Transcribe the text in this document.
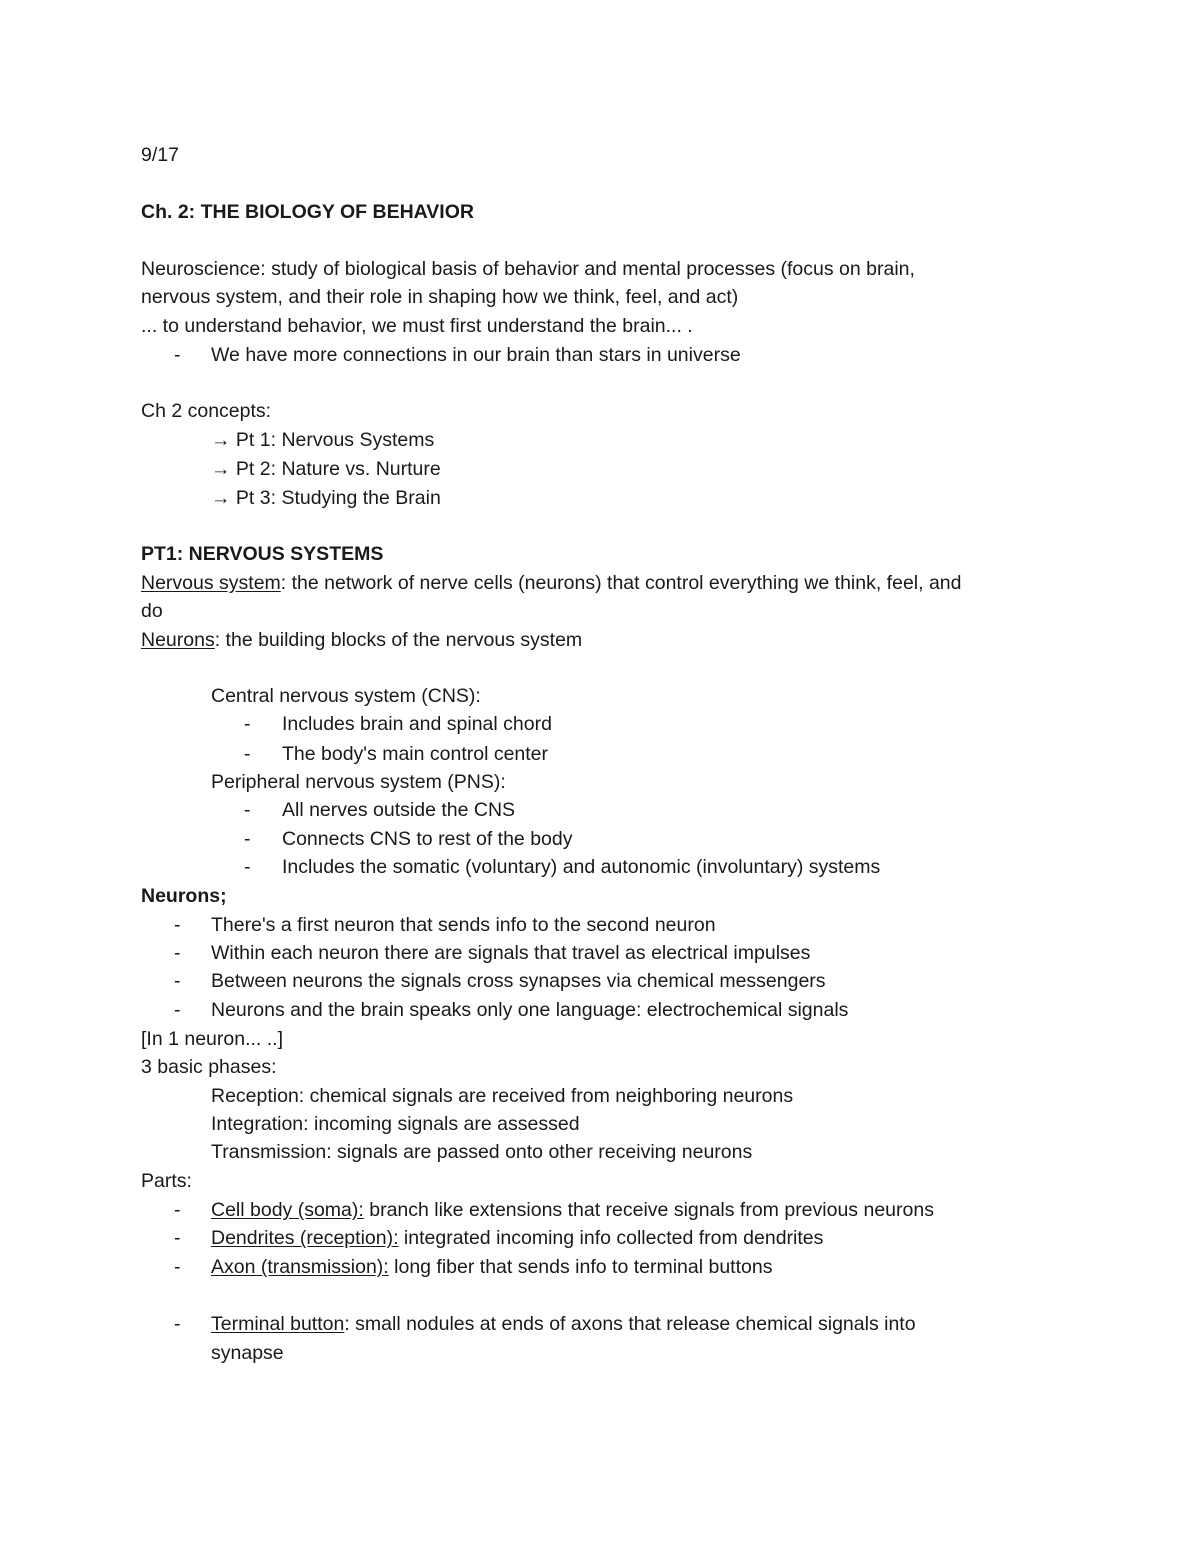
9/17

Ch. 2: THE BIOLOGY OF BEHAVIOR

Neuroscience: study of biological basis of behavior and mental processes (focus on brain,

nervous system, and their role in shaping how we think, feel, and act)

... to understand behavior, we must first understand the brain... .

- We have more connections in our brain than stars in universe

Ch 2 concepts:

→ Pt 1: Nervous Systems

→ Pt 2: Nature vs. Nurture

→ Pt 3: Studying the Brain

PT1: NERVOUS SYSTEMS

Nervous system: the network of nerve cells (neurons) that control everything we think, feel, and

do

Neurons: the building blocks of the nervous system

Central nervous system (CNS):

- Includes brain and spinal chord

- The body's main control center

Peripheral nervous system (PNS):

- All nerves outside the CNS

- Connects CNS to rest of the body

- Includes the somatic (voluntary) and autonomic (involuntary) systems

Neurons;

- There's a first neuron that sends info to the second neuron

- Within each neuron there are signals that travel as electrical impulses

- Between neurons the signals cross synapses via chemical messengers

- Neurons and the brain speaks only one language: electrochemical signals

[In 1 neuron... ..]

3 basic phases:

Reception: chemical signals are received from neighboring neurons

Integration: incoming signals are assessed

Transmission: signals are passed onto other receiving neurons

Parts:

- Cell body (soma): branch like extensions that receive signals from previous neurons

- Dendrites (reception): integrated incoming info collected from dendrites

- Axon (transmission): long fiber that sends info to terminal buttons

- Terminal button: small nodules at ends of axons that release chemical signals into

synapse
